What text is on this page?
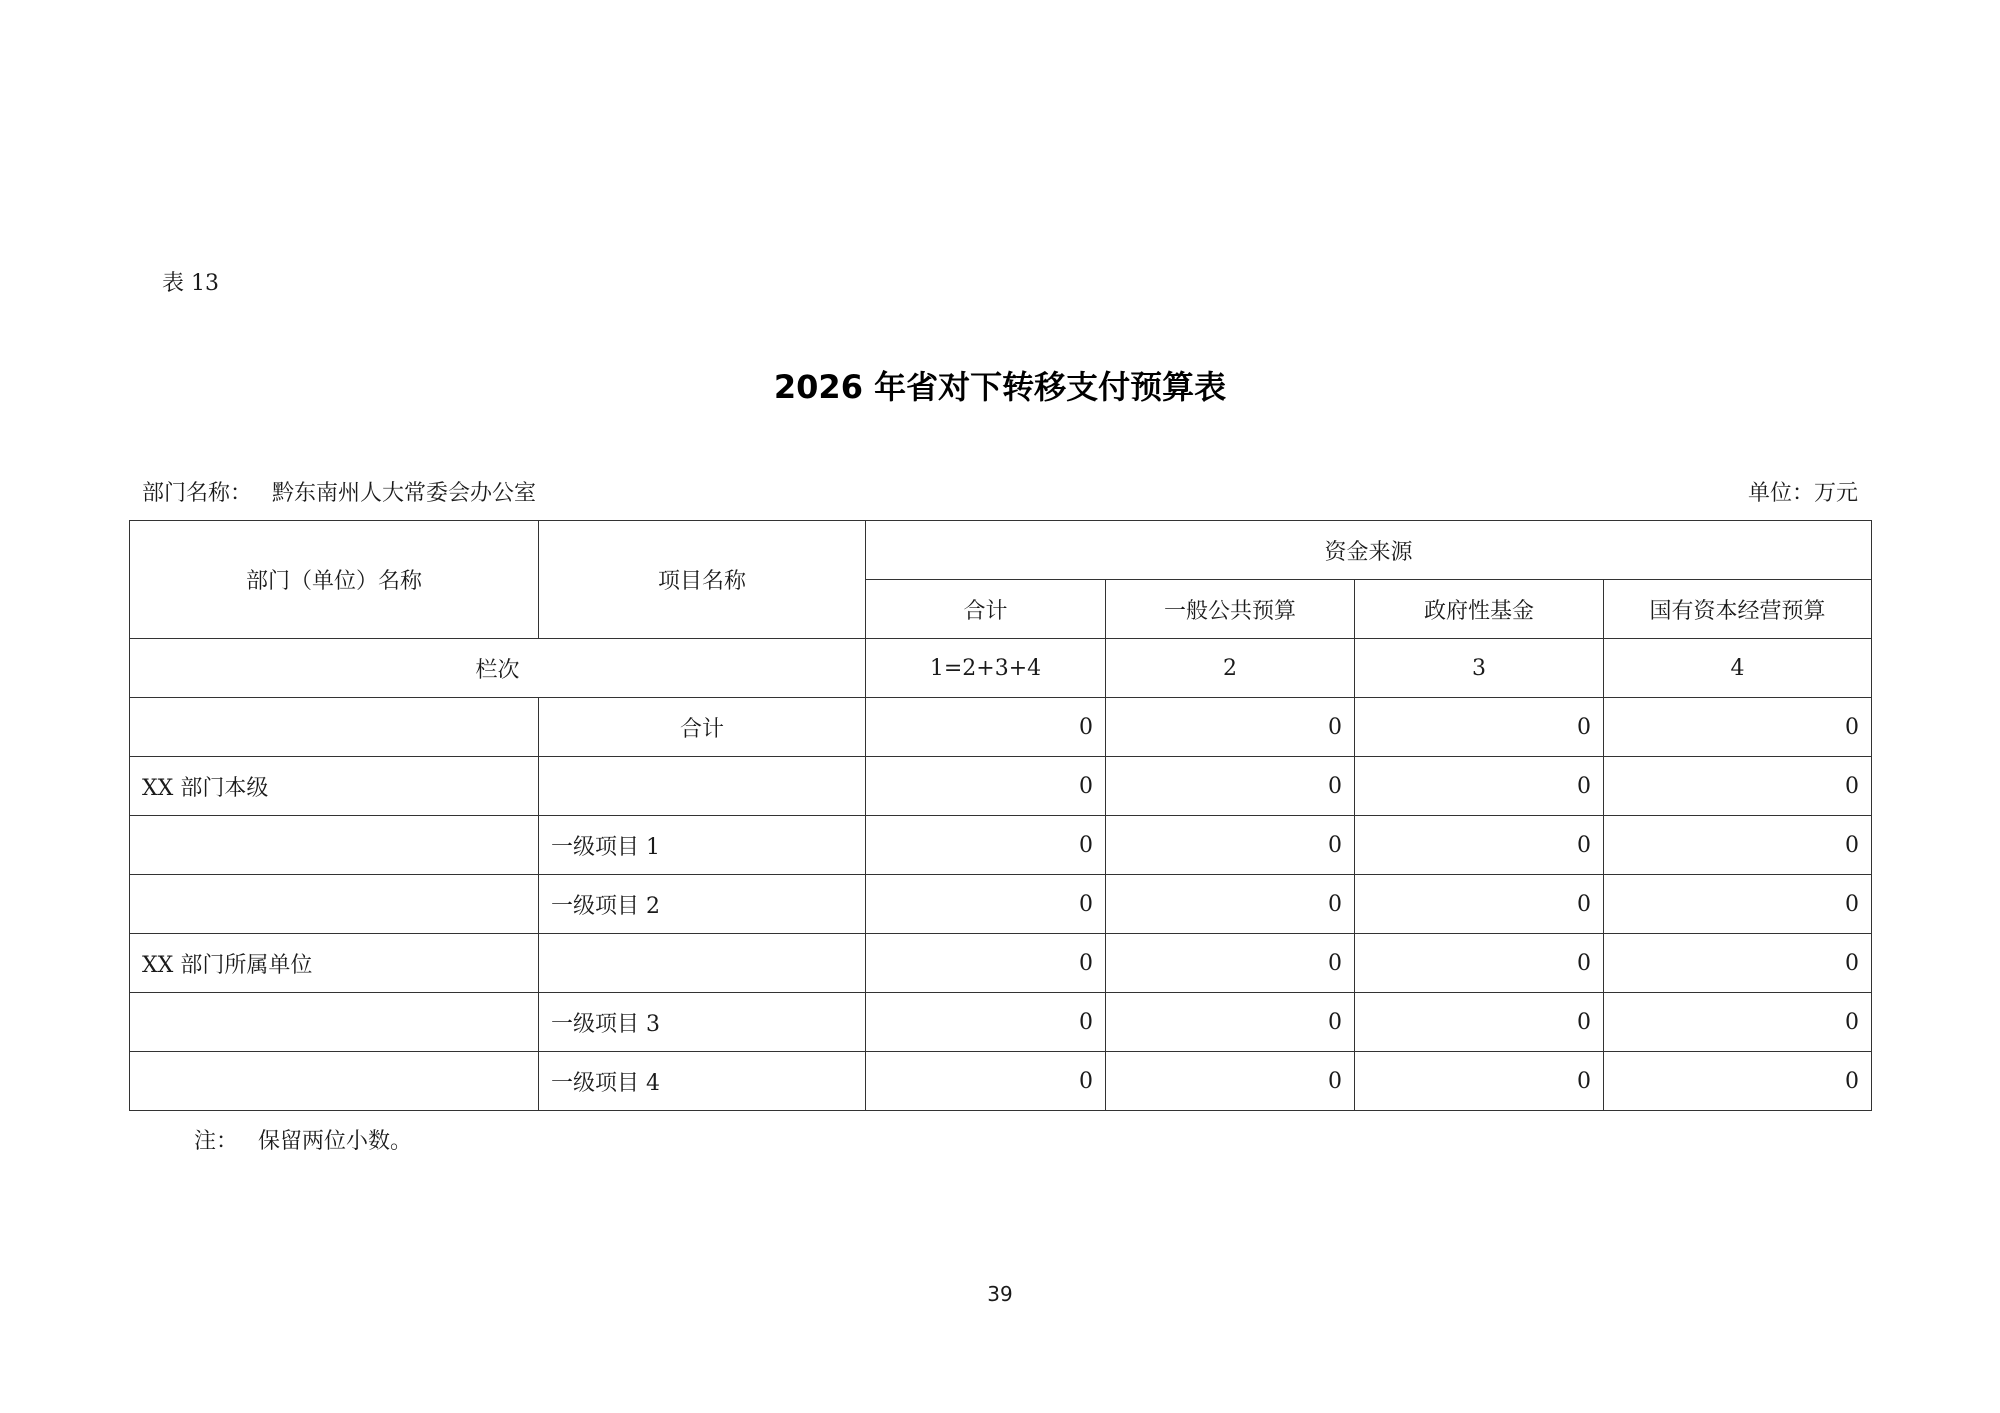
表 13
2026 年省对下转移支付预算表
部门名称： 黔东南州人大常委会办公室	单位：万元
部门（单位）名称	项目名称	资金来源			
		合计	一般公共预算	政府性基金	国有资本经营预算
栏次		1=2+3+4	2	3	4
	合计	0	0	0	0
XX 部门本级		0	0	0	0
	一级项目 1	0	0	0	0
	一级项目 2	0	0	0	0
XX 部门所属单位		0	0	0	0
	一级项目 3	0	0	0	0
	一级项目 4	0	0	0	0
注： 保留两位小数。
39
